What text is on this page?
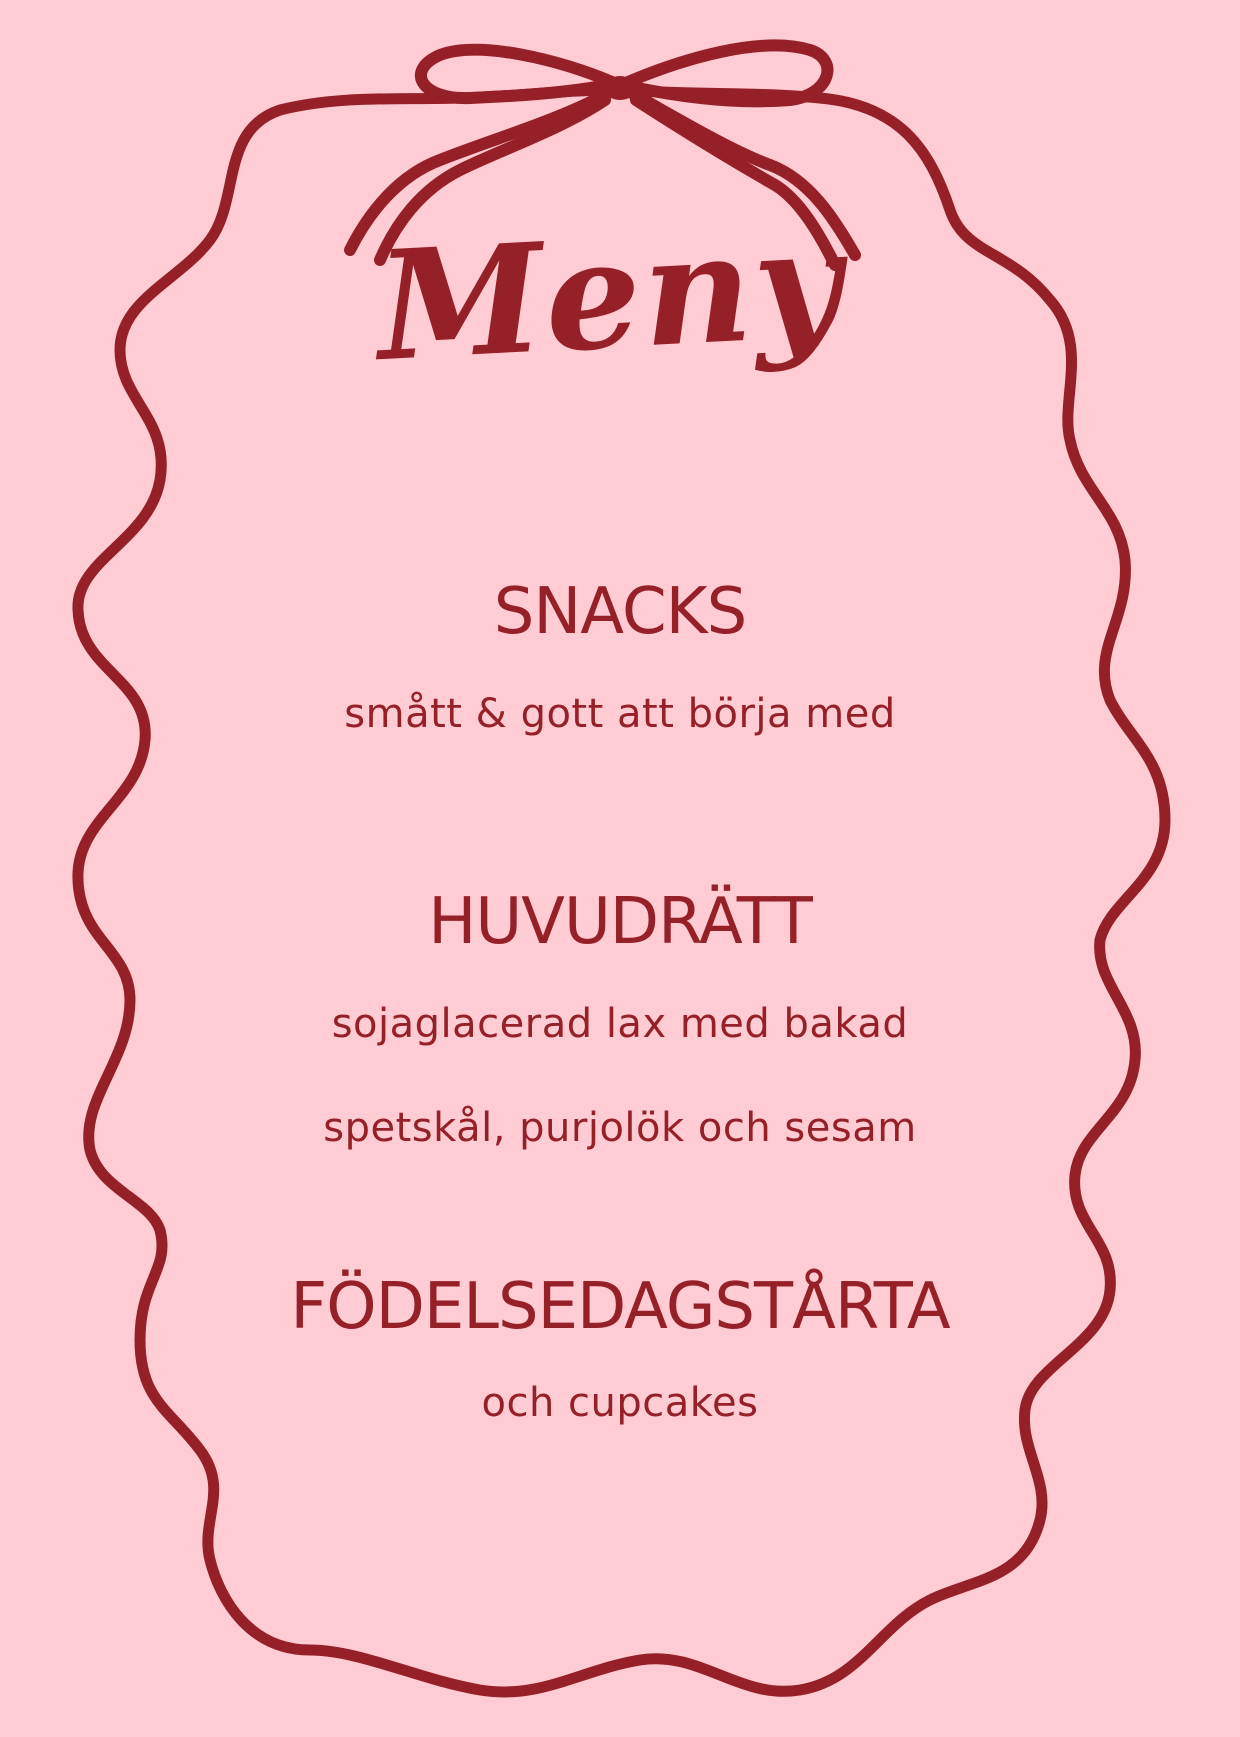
Meny
SNACKS

smått & gott att börja med

HUVUDRÄTT

sojaglacerad lax med bakad

spetskål, purjolök och sesam

FÖDELSEDAGSTÅRTA

och cupcakes
